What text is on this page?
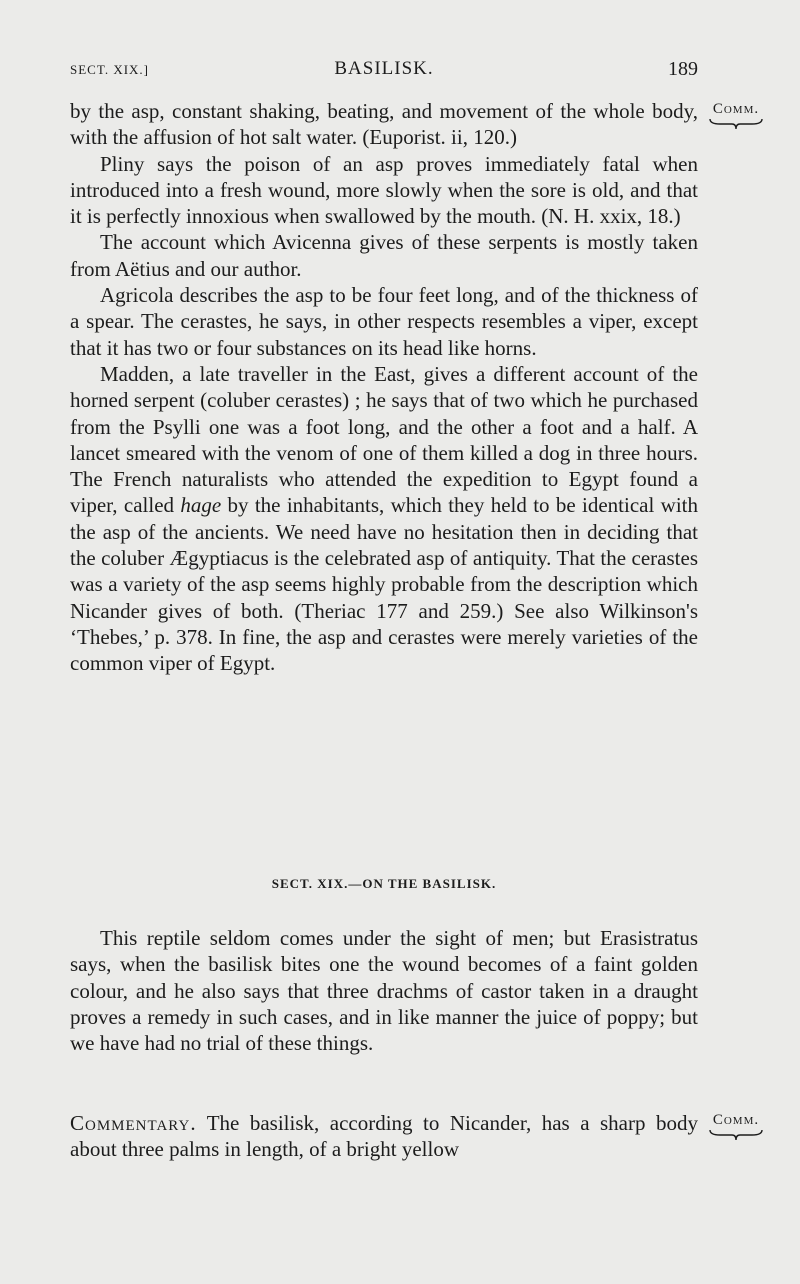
SECT. XIX.]	BASILISK.	189
Comm.

by the asp, constant shaking, beating, and movement of the whole body, with the affusion of hot salt water. (Euporist. ii, 120.)

Pliny says the poison of an asp proves immediately fatal when introduced into a fresh wound, more slowly when the sore is old, and that it is perfectly innoxious when swallowed by the mouth. (N. H. xxix, 18.)

The account which Avicenna gives of these serpents is mostly taken from Aëtius and our author.

Agricola describes the asp to be four feet long, and of the thickness of a spear. The cerastes, he says, in other respects resembles a viper, except that it has two or four substances on its head like horns.

Madden, a late traveller in the East, gives a different account of the horned serpent (coluber cerastes) ; he says that of two which he purchased from the Psylli one was a foot long, and the other a foot and a half. A lancet smeared with the venom of one of them killed a dog in three hours. The French naturalists who attended the expedition to Egypt found a viper, called hage by the inhabitants, which they held to be identical with the asp of the ancients. We need have no hesitation then in deciding that the coluber Ægyptiacus is the celebrated asp of antiquity. That the cerastes was a variety of the asp seems highly probable from the description which Nicander gives of both. (Theriac 177 and 259.) See also Wilkinson's ‘Thebes,’ p. 378. In fine, the asp and cerastes were merely varieties of the common viper of Egypt.

SECT. XIX.—ON THE BASILISK.

This reptile seldom comes under the sight of men; but Erasistratus says, when the basilisk bites one the wound becomes of a faint golden colour, and he also says that three drachms of castor taken in a draught proves a remedy in such cases, and in like manner the juice of poppy; but we have had no trial of these things.

Comm.

Commentary. The basilisk, according to Nicander, has a sharp body about three palms in length, of a bright yellow
